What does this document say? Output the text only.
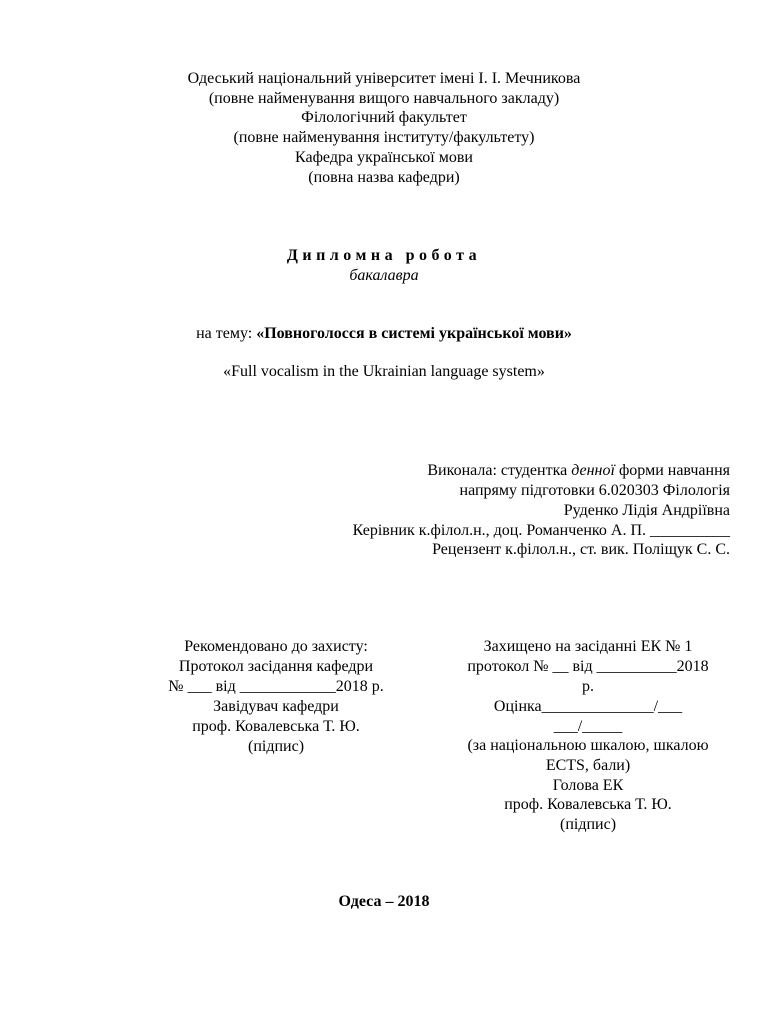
Одеський національний університет імені І. І. Мечникова
(повне найменування вищого навчального закладу)
Філологічний факультет
(повне найменування інституту/факультету)
Кафедра української мови
(повна назва кафедри)
Дипломна робота
бакалавра
на тему: «Повноголосся в системі української мови»
«Full vocalism in the Ukrainian language system»
Виконала: студентка денної форми навчання
напряму підготовки 6.020303 Філологія
Руденко Лідія Андріївна
Керівник к.філол.н., доц. Романченко А. П. __________
Рецензент к.філол.н., ст. вик. Поліщук С. С.
Рекомендовано до захисту:
Протокол засідання кафедри
№ ___ від ____________2018 р.
Завідувач кафедри
проф. Ковалевська Т. Ю.
(підпис)
Захищено на засіданні ЕК № 1
протокол № __ від __________2018
р.
Оцінка______________/___
___/_____
(за національною шкалою, шкалою
ECTS, бали)
Голова ЕК
проф. Ковалевська Т. Ю.
(підпис)
Одеса – 2018
